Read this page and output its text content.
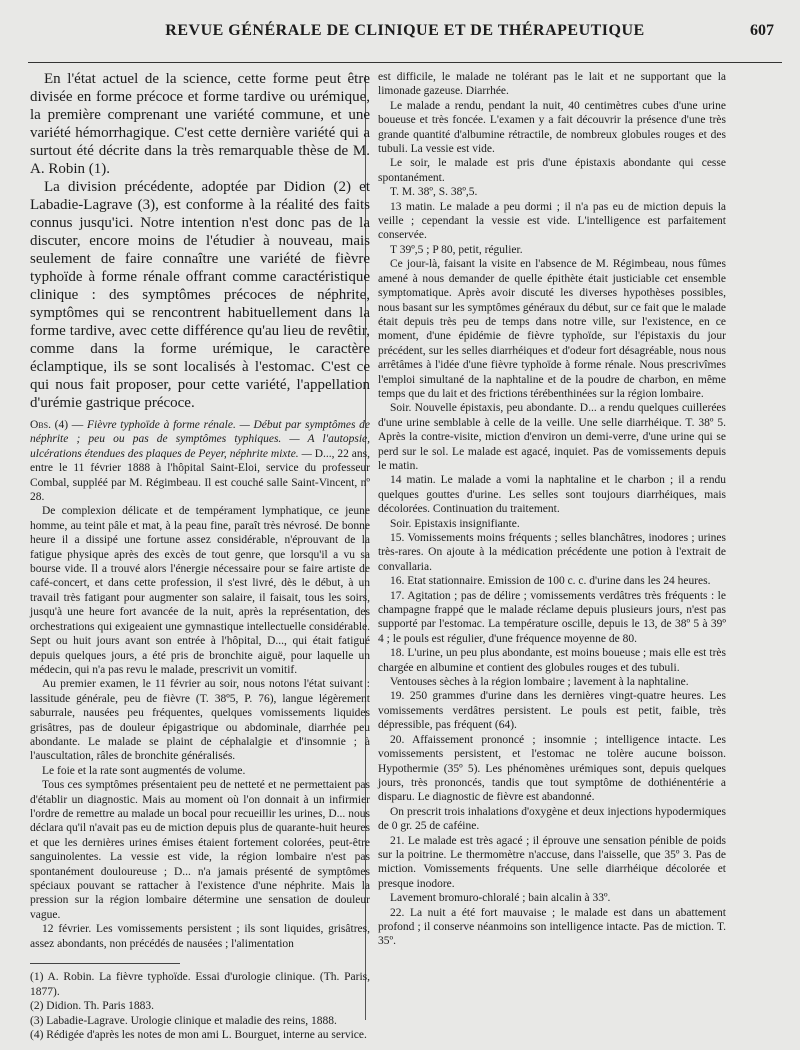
REVUE GÉNÉRALE DE CLINIQUE ET DE THÉRAPEUTIQUE	607

En l'état actuel de la science, cette forme peut être divisée en forme précoce et forme tardive ou urémique, la première comprenant une variété commune, et une variété hémorrhagique. C'est cette dernière variété qui a surtout été décrite dans la très remarquable thèse de M. A. Robin (1).

La division précédente, adoptée par Didion (2) et Labadie-Lagrave (3), est conforme à la réalité des faits connus jusqu'ici. Notre intention n'est donc pas de la discuter, encore moins de l'étudier à nouveau, mais seulement de faire connaître une variété de fièvre typhoïde à forme rénale offrant comme caractéristique clinique : des symptômes précoces de néphrite, symptômes qui se rencontrent habituellement dans la forme tardive, avec cette différence qu'au lieu de revêtir, comme dans la forme urémique, le caractère éclamptique, ils se sont localisés à l'estomac. C'est ce qui nous fait proposer, pour cette variété, l'appellation d'urémie gastrique précoce.

Obs. (4) — Fièvre typhoïde à forme rénale. — Début par symptômes de néphrite ; peu ou pas de symptômes typhiques. — A l'autopsie, ulcérations étendues des plaques de Peyer, néphrite mixte. — D..., 22 ans, entre le 11 février 1888 à l'hôpital Saint-Eloi, service du professeur Combal, suppléé par M. Régimbeau. Il est couché salle Saint-Vincent, nº 28.

De complexion délicate et de tempérament lymphatique, ce jeune homme, au teint pâle et mat, à la peau fine, paraît très névrosé. De bonne heure il a dissipé une fortune assez considérable, n'éprouvant de la fatigue physique après des excès de tout genre, que lorsqu'il a vu sa bourse vide. Il a trouvé alors l'énergie nécessaire pour se faire artiste de café-concert, et dans cette profession, il s'est livré, dès le début, à un travail très fatigant pour augmenter son salaire, il faisait, tous les soirs, jusqu'à une heure fort avancée de la nuit, après la représentation, des orchestrations qui exigeaient une gymnastique intellectuelle considérable. Sept ou huit jours avant son entrée à l'hôpital, D..., qui était fatigué depuis quelques jours, a été pris de bronchite aiguë, pour laquelle un médecin, qui n'a pas revu le malade, prescrivit un vomitif.

Au premier examen, le 11 février au soir, nous notons l'état suivant : lassitude générale, peu de fièvre (T. 38º5, P. 76), langue légèrement saburrale, nausées peu fréquentes, quelques vomissements liquides grisâtres, pas de douleur épigastrique ou abdominale, diarrhée peu abondante. Le malade se plaint de céphalalgie et d'insomnie ; à l'auscultation, râles de bronchite généralisés.

Le foie et la rate sont augmentés de volume.

Tous ces symptômes présentaient peu de netteté et ne permettaient pas d'établir un diagnostic. Mais au moment où l'on donnait à un infirmier l'ordre de remettre au malade un bocal pour recueillir les urines, D... nous déclara qu'il n'avait pas eu de miction depuis plus de quarante-huit heures et que les dernières urines émises étaient fortement colorées, peut-être sanguinolentes. La vessie est vide, la région lombaire n'est pas spontanément douloureuse ; D... n'a jamais présenté de symptômes spéciaux pouvant se rattacher à l'existence d'une néphrite. Mais la pression sur la région lombaire détermine une sensation de douleur vague.

12 février. Les vomissements persistent ; ils sont liquides, grisâtres, assez abondants, non précédés de nausées ; l'alimentation

(1) A. Robin. La fièvre typhoïde. Essai d'urologie clinique. (Th. Paris, 1877).

(2) Didion. Th. Paris 1883.

(3) Labadie-Lagrave. Urologie clinique et maladie des reins, 1888.

(4) Rédigée d'après les notes de mon ami L. Bourguet, interne au service.

est difficile, le malade ne tolérant pas le lait et ne supportant que la limonade gazeuse. Diarrhée.

Le malade a rendu, pendant la nuit, 40 centimètres cubes d'une urine boueuse et très foncée. L'examen y a fait découvrir la présence d'une très grande quantité d'albumine rétractile, de nombreux globules rouges et des tubuli. La vessie est vide.

Le soir, le malade est pris d'une épistaxis abondante qui cesse spontanément.

T. M. 38º, S. 38º,5.

13 matin. Le malade a peu dormi ; il n'a pas eu de miction depuis la veille ; cependant la vessie est vide. L'intelligence est parfaitement conservée.

T 39º,5 ; P 80, petit, régulier.

Ce jour-là, faisant la visite en l'absence de M. Régimbeau, nous fûmes amené à nous demander de quelle épithète était justiciable cet ensemble symptomatique. Après avoir discuté les diverses hypothèses possibles, nous basant sur les symptômes généraux du début, sur ce fait que le malade était depuis très peu de temps dans notre ville, sur l'existence, en ce moment, d'une épidémie de fièvre typhoïde, sur l'épistaxis du jour précédent, sur les selles diarrhéiques et d'odeur fort désagréable, nous nous arrêtâmes à l'idée d'une fièvre typhoïde à forme rénale. Nous prescrivîmes l'emploi simultané de la naphtaline et de la poudre de charbon, en même temps que du lait et des frictions térébenthinées sur la région lombaire.

Soir. Nouvelle épistaxis, peu abondante. D... a rendu quelques cuillerées d'une urine semblable à celle de la veille. Une selle diarrhéique. T. 38º 5. Après la contre-visite, miction d'environ un demi-verre, d'une urine qui se perd sur le sol. Le malade est agacé, inquiet. Pas de vomissements depuis le matin.

14 matin. Le malade a vomi la naphtaline et le charbon ; il a rendu quelques gouttes d'urine. Les selles sont toujours diarrhéiques, mais décolorées. Continuation du traitement.

Soir. Epistaxis insignifiante.

15. Vomissements moins fréquents ; selles blanchâtres, inodores ; urines très-rares. On ajoute à la médication précédente une potion à l'extrait de convallaria.

16. Etat stationnaire. Emission de 100 c. c. d'urine dans les 24 heures.

17. Agitation ; pas de délire ; vomissements verdâtres très fréquents : le champagne frappé que le malade réclame depuis plusieurs jours, n'est pas supporté par l'estomac. La température oscille, depuis le 13, de 38º 5 à 39º 4 ; le pouls est régulier, d'une fréquence moyenne de 80.

18. L'urine, un peu plus abondante, est moins boueuse ; mais elle est très chargée en albumine et contient des globules rouges et des tubuli.

Ventouses sèches à la région lombaire ; lavement à la naphtaline.

19. 250 grammes d'urine dans les dernières vingt-quatre heures. Les vomissements verdâtres persistent. Le pouls est petit, faible, très dépressible, pas fréquent (64).

20. Affaissement prononcé ; insomnie ; intelligence intacte. Les vomissements persistent, et l'estomac ne tolère aucune boisson. Hypothermie (35º 5). Les phénomènes urémiques sont, depuis quelques jours, très prononcés, tandis que tout symptôme de dothiénentérie a disparu. Le diagnostic de fièvre est abandonné.

On prescrit trois inhalations d'oxygène et deux injections hypodermiques de 0 gr. 25 de caféine.

21. Le malade est très agacé ; il éprouve une sensation pénible de poids sur la poitrine. Le thermomètre n'accuse, dans l'aisselle, que 35º 3. Pas de miction. Vomissements fréquents. Une selle diarrhéique décolorée et presque inodore.

Lavement bromuro-chloralé ; bain alcalin à 33º.

22. La nuit a été fort mauvaise ; le malade est dans un abattement profond ; il conserve néanmoins son intelligence intacte. Pas de miction. T. 35º.
